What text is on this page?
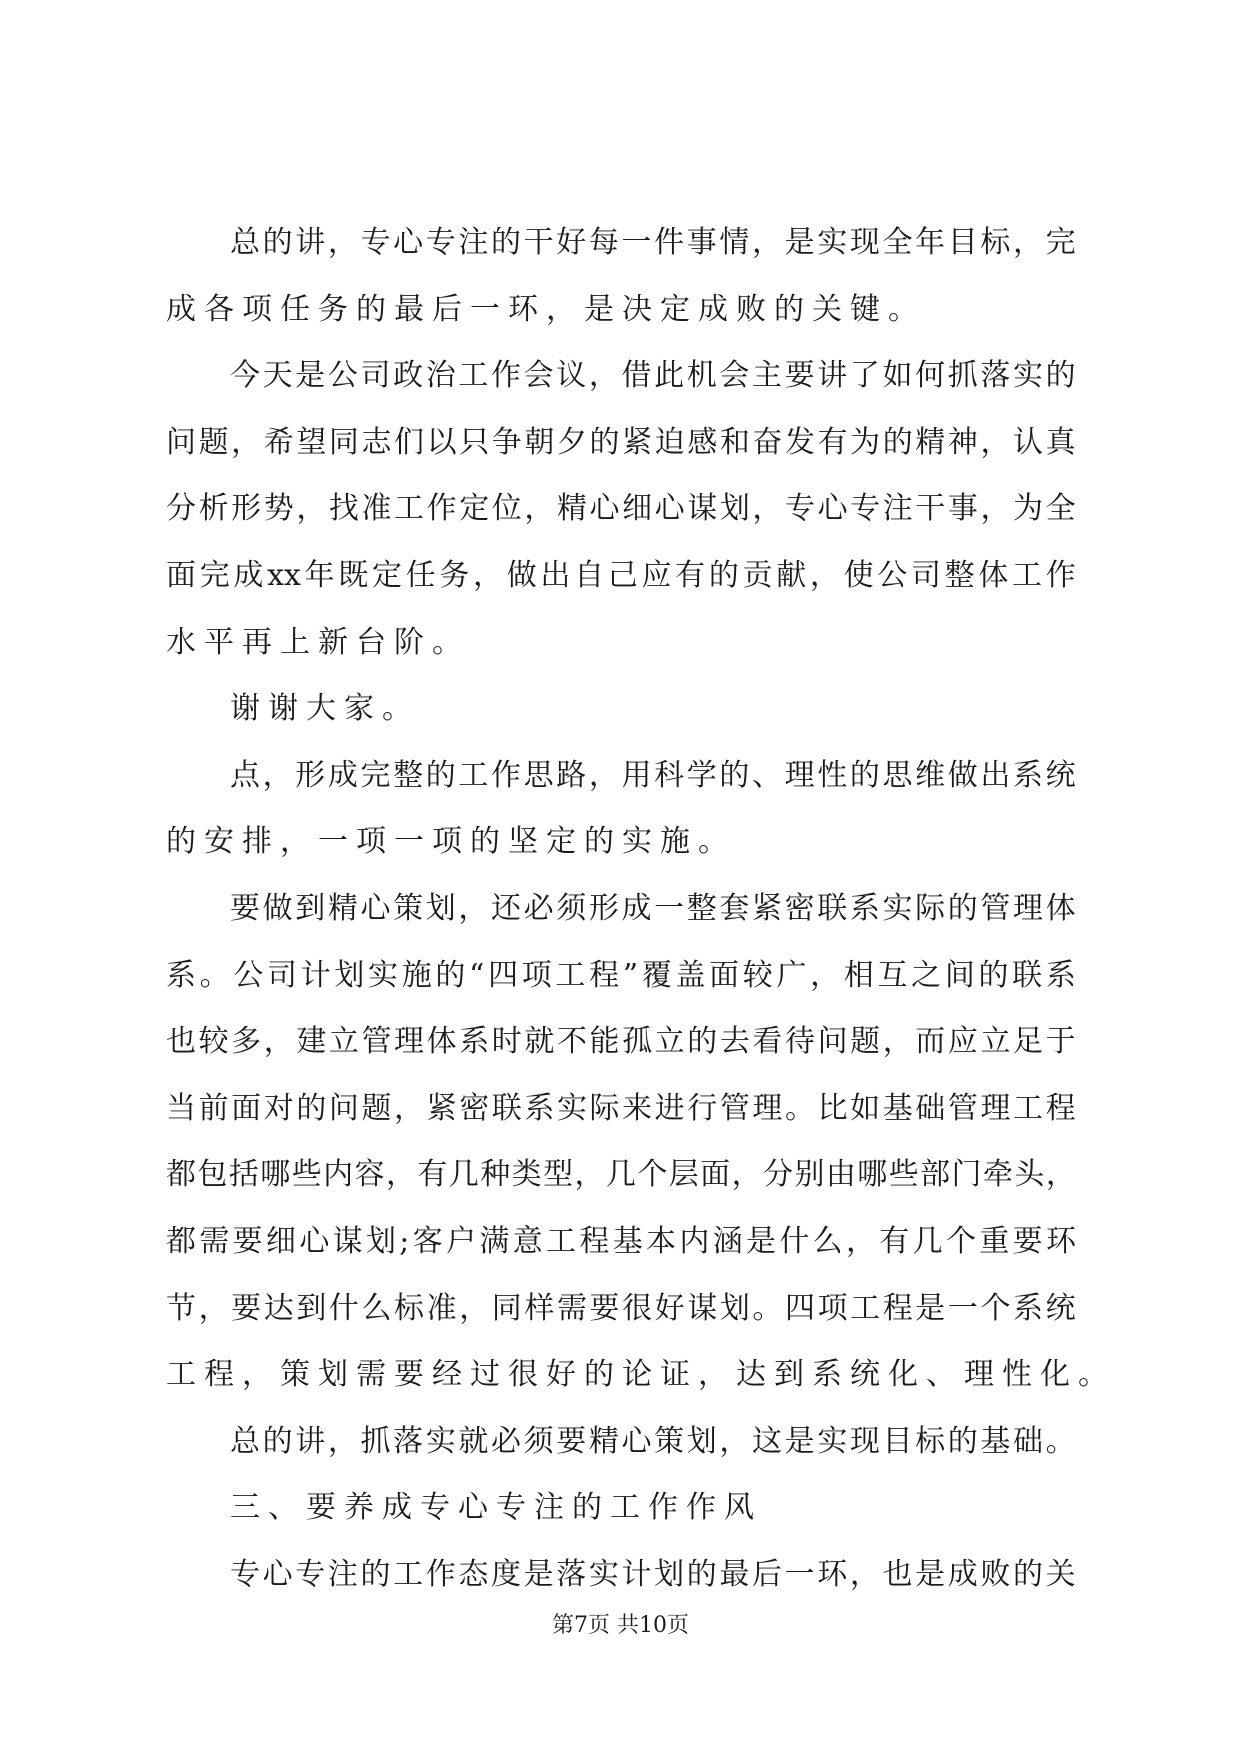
总 的 讲 ， 专 心 专 注 的 干 好 每 一 件 事 情 ， 是 实 现 全 年 目 标 ， 完
成各项任务的最后一环，是决定成败的关键。
今 天 是 公 司 政 治 工 作 会 议 ， 借 此 机 会 主 要 讲 了 如 何 抓 落 实 的
问 题 ， 希 望 同 志 们 以 只 争 朝 夕 的 紧 迫 感 和 奋 发 有 为 的 精 神 ， 认 真
分 析 形 势 ， 找 准 工 作 定 位 ， 精 心 细 心 谋 划 ， 专 心 专 注 干 事 ， 为 全
面 完 成 xx 年 既 定 任 务 ， 做 出 自 己 应 有 的 贡 献 ， 使 公 司 整 体 工 作
水平再上新台阶。
谢谢大家。
点 ， 形 成 完 整 的 工 作 思 路 ， 用 科 学 的 、 理 性 的 思 维 做 出 系 统
的安排，一项一项的坚定的实施。
要 做 到 精 心 策 划 ， 还 必 须 形 成 一 整 套 紧 密 联 系 实 际 的 管 理 体
系 。 公 司 计 划 实 施 的 “ 四 项 工 程 ” 覆 盖 面 较 广 ， 相 互 之 间 的 联 系
也 较 多 ， 建 立 管 理 体 系 时 就 不 能 孤 立 的 去 看 待 问 题 ， 而 应 立 足 于
当 前 面 对 的 问 题 ， 紧 密 联 系 实 际 来 进 行 管 理 。 比 如 基 础 管 理 工 程
都 包 括 哪 些 内 容 ， 有 几 种 类 型 ， 几 个 层 面 ， 分 别 由 哪 些 部 门 牵 头 ，
都 需 要 细 心 谋 划 ; 客 户 满 意 工 程 基 本 内 涵 是 什 么 ， 有 几 个 重 要 环
节 ， 要 达 到 什 么 标 准 ， 同 样 需 要 很 好 谋 划 。 四 项 工 程 是 一 个 系 统
工程，策划需要经过很好的论证，达到系统化、理性化。
总 的 讲 ， 抓 落 实 就 必 须 要 精 心 策 划 ， 这 是 实 现 目 标 的 基 础 。
三、要养成专心专注的工作作风
专 心 专 注 的 工 作 态 度 是 落 实 计 划 的 最 后 一 环 ， 也 是 成 败 的 关
第7页 共10页
